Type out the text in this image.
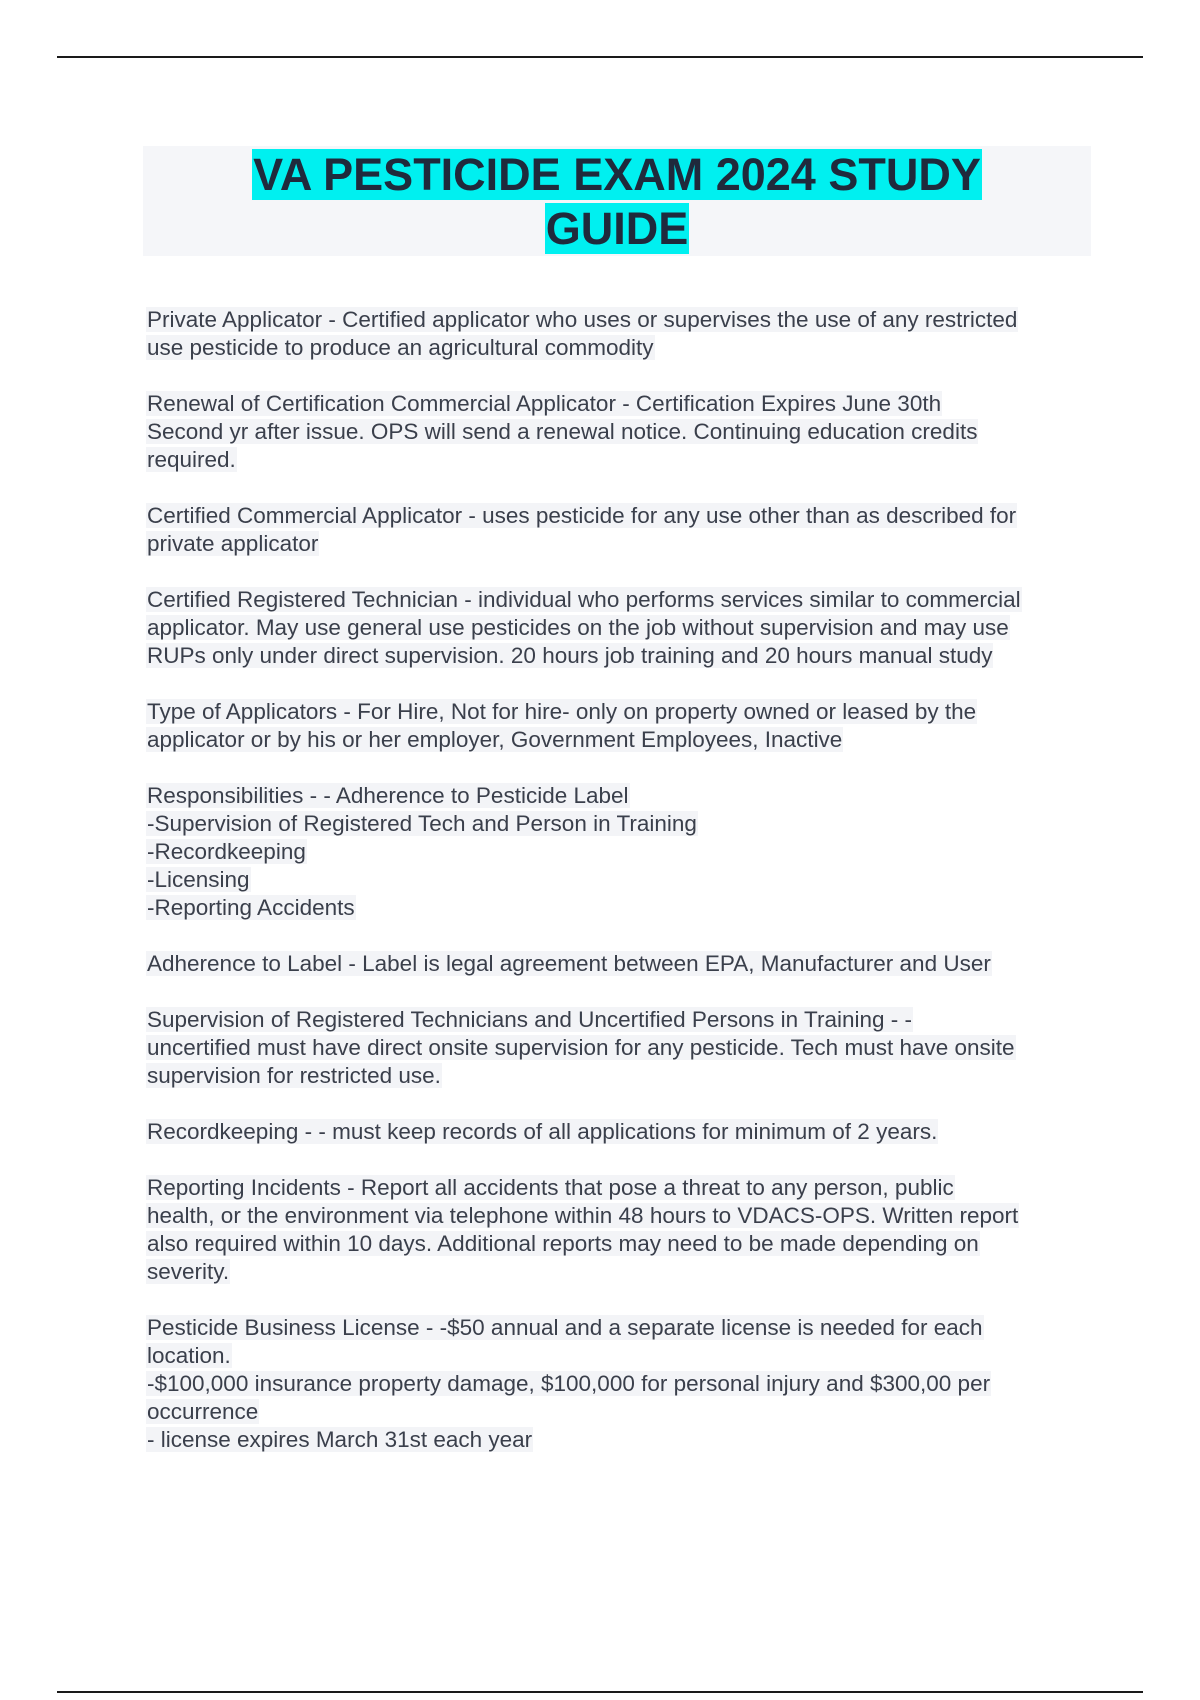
VA PESTICIDE EXAM 2024 STUDY
GUIDE
Private Applicator - Certified applicator who uses or supervises the use of any restricted
use pesticide to produce an agricultural commodity
Renewal of Certification Commercial Applicator - Certification Expires June 30th
Second yr after issue. OPS will send a renewal notice. Continuing education credits
required.
Certified Commercial Applicator - uses pesticide for any use other than as described for
private applicator
Certified Registered Technician - individual who performs services similar to commercial
applicator. May use general use pesticides on the job without supervision and may use
RUPs only under direct supervision. 20 hours job training and 20 hours manual study
Type of Applicators - For Hire, Not for hire- only on property owned or leased by the
applicator or by his or her employer, Government Employees, Inactive
Responsibilities - - Adherence to Pesticide Label
-Supervision of Registered Tech and Person in Training
-Recordkeeping
-Licensing
-Reporting Accidents
Adherence to Label - Label is legal agreement between EPA, Manufacturer and User
Supervision of Registered Technicians and Uncertified Persons in Training - -
uncertified must have direct onsite supervision for any pesticide. Tech must have onsite
supervision for restricted use.
Recordkeeping - - must keep records of all applications for minimum of 2 years.
Reporting Incidents - Report all accidents that pose a threat to any person, public
health, or the environment via telephone within 48 hours to VDACS-OPS. Written report
also required within 10 days. Additional reports may need to be made depending on
severity.
Pesticide Business License - -$50 annual and a separate license is needed for each
location.
-$100,000 insurance property damage, $100,000 for personal injury and $300,00 per
occurrence
- license expires March 31st each year
